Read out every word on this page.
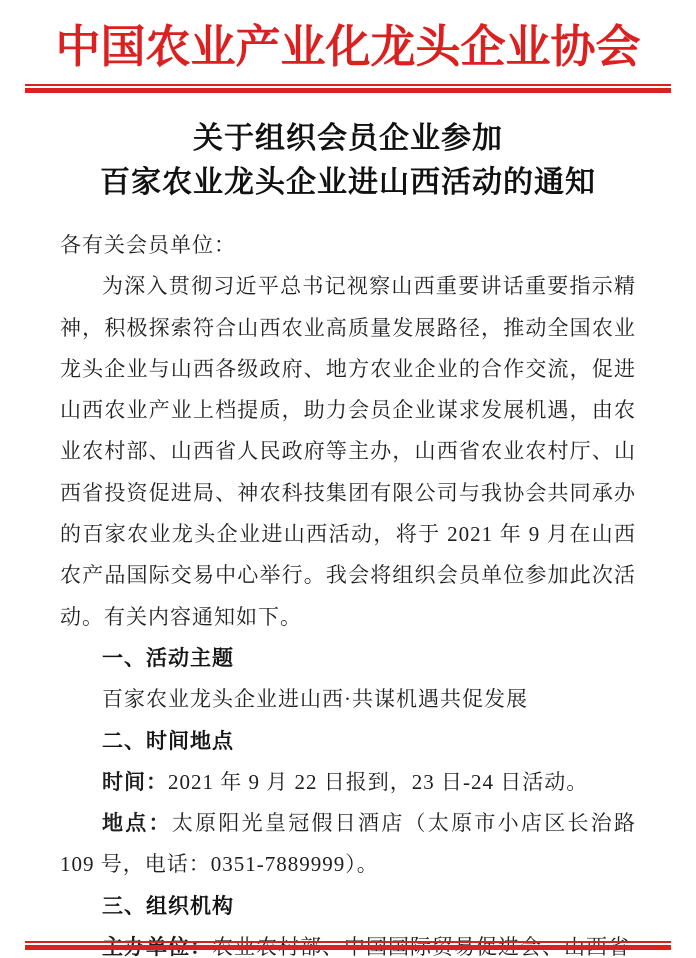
中国农业产业化龙头企业协会
关于组织会员企业参加
百家农业龙头企业进山西活动的通知

各有关会员单位：

为深入贯彻习近平总书记视察山西重要讲话重要指示精神，积极探索符合山西农业高质量发展路径，推动全国农业龙头企业与山西各级政府、地方农业企业的合作交流，促进山西农业产业上档提质，助力会员企业谋求发展机遇，由农业农村部、山西省人民政府等主办，山西省农业农村厅、山西省投资促进局、神农科技集团有限公司与我协会共同承办的百家农业龙头企业进山西活动，将于 2021 年 9 月在山西农产品国际交易中心举行。我会将组织会员单位参加此次活动。有关内容通知如下。

一、活动主题

百家农业龙头企业进山西·共谋机遇共促发展

二、时间地点

时间：2021 年 9 月 22 日报到，23 日-24 日活动。

地点：太原阳光皇冠假日酒店（太原市小店区长治路 109 号，电话：0351-7889999）。

三、组织机构

主办单位：农业农村部、中国国际贸易促进会、山西省
